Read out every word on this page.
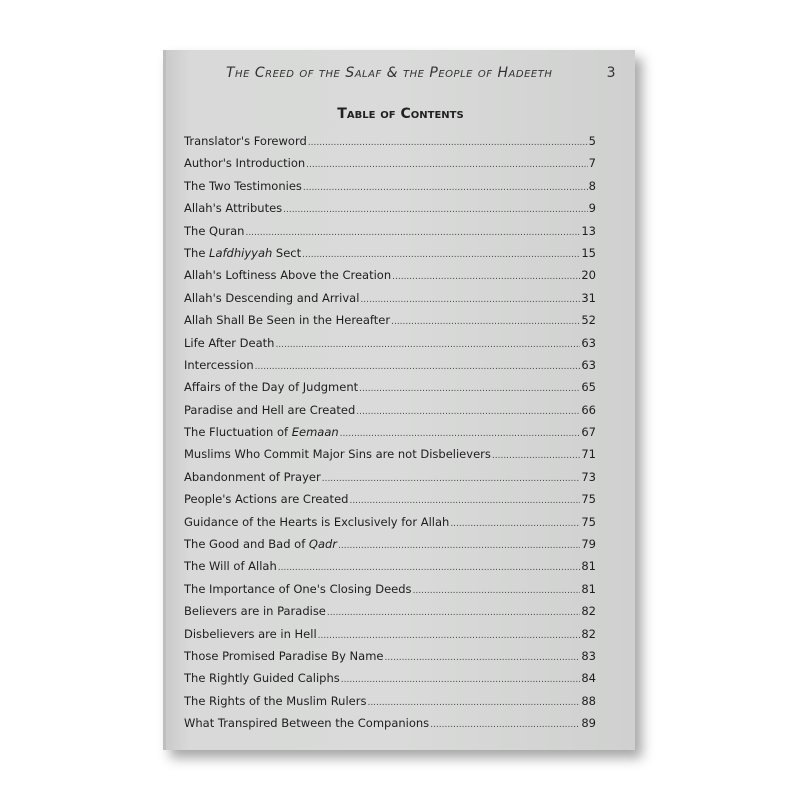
The Creed of the Salaf & the People of Hadeeth	3
Table of Contents
Translator's Foreword .....	5
Author's Introduction .....	7
The Two Testimonies .....	8
Allah's Attributes .....	9
The Quran .....	13
The Lafdhiyyah Sect .....	15
Allah's Loftiness Above the Creation .....	20
Allah's Descending and Arrival .....	31
Allah Shall Be Seen in the Hereafter .....	52
Life After Death .....	63
Intercession .....	63
Affairs of the Day of Judgment .....	65
Paradise and Hell are Created .....	66
The Fluctuation of Eemaan .....	67
Muslims Who Commit Major Sins are not Disbelievers .....	71
Abandonment of Prayer .....	73
People's Actions are Created .....	75
Guidance of the Hearts is Exclusively for Allah .....	75
The Good and Bad of Qadr .....	79
The Will of Allah .....	81
The Importance of One's Closing Deeds .....	81
Believers are in Paradise .....	82
Disbelievers are in Hell .....	82
Those Promised Paradise By Name .....	83
The Rightly Guided Caliphs .....	84
The Rights of the Muslim Rulers .....	88
What Transpired Between the Companions .....	89
